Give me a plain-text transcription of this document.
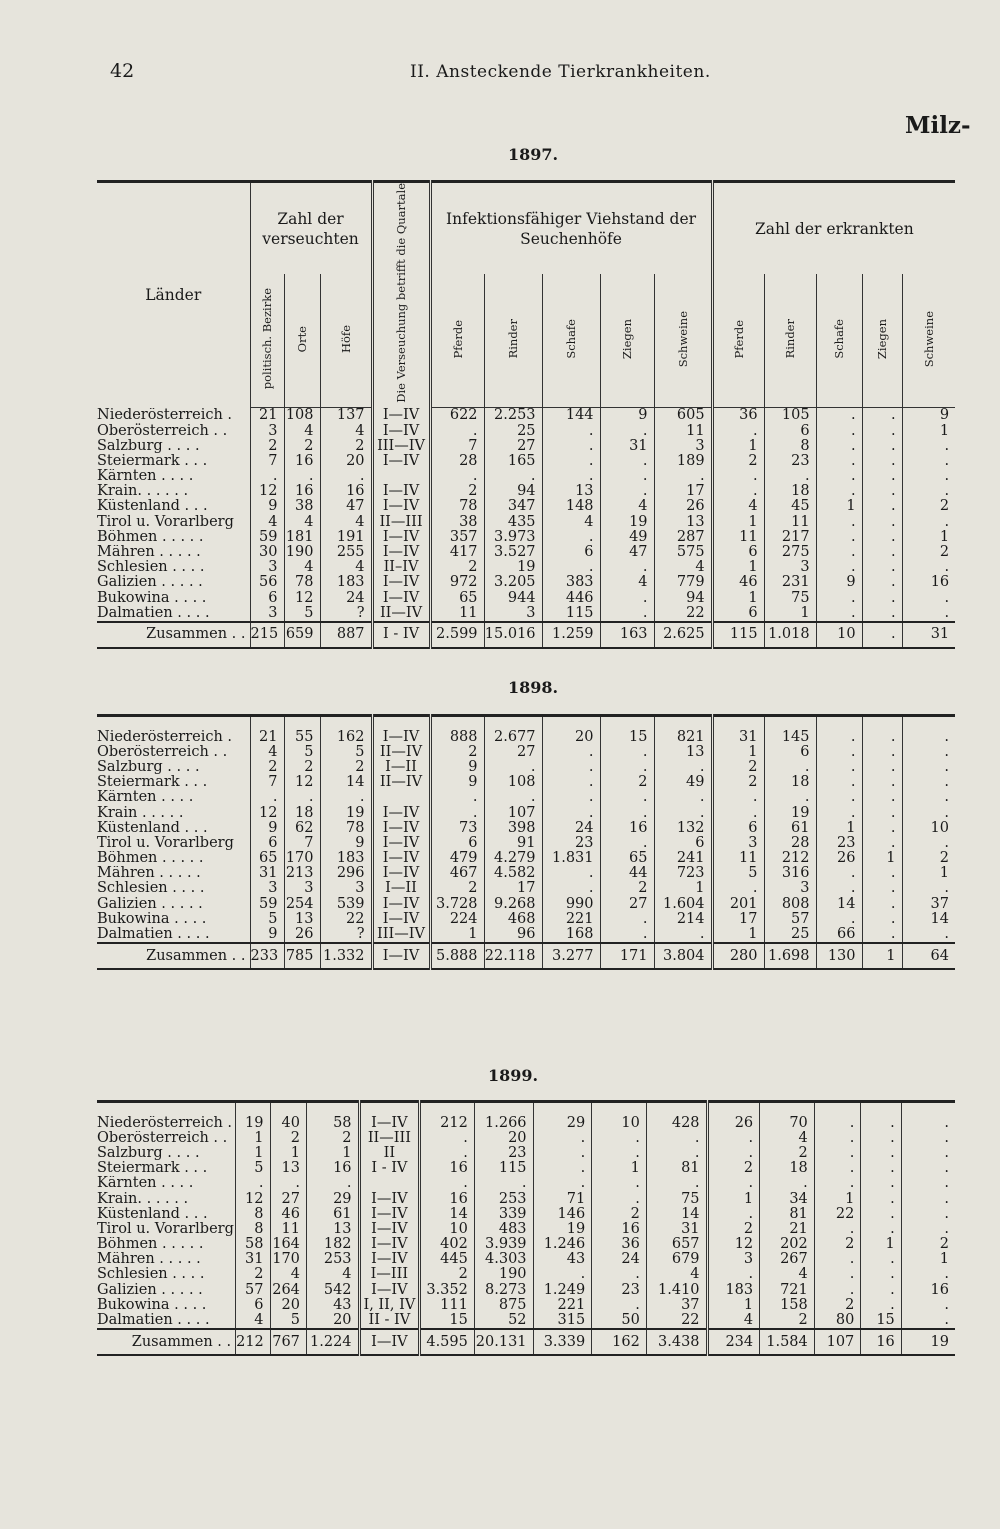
42	II. Ansteckende Tierkrankheiten.
Milz-
1897.
Länder	Zahl der verseuchten			Die Verseuchung betrifft die Quartale	Infektionsfähiger Viehstand der Seuchenhöfe					Zahl der erkrankten				
	politisch. Bezirke	Orte	Höfe		Pferde	Rinder	Schafe	Ziegen	Schweine	Pferde	Rinder	Schafe	Ziegen	Schweine
Niederösterreich .	21	108	137	I—IV	622	2.253	144	9	605	36	105	.	.	9
Oberösterreich . .	3	4	4	I—IV	.	25	.	.	11	.	6	.	.	1
Salzburg . . . .	2	2	2	III—IV	7	27	.	31	3	1	8	.	.	.
Steiermark . . .	7	16	20	I—IV	28	165	.	.	189	2	23	.	.	.
Kärnten . . . .	.	.	.		.	.	.	.	.	.	.	.	.	.
Krain. . . . . .	12	16	16	I—IV	2	94	13	.	17	.	18	.	.	.
Küstenland . . .	9	38	47	I—IV	78	347	148	4	26	4	45	1	.	2
Tirol u. Vorarlberg	4	4	4	II—III	38	435	4	19	13	1	11	.	.	.
Böhmen . . . . .	59	181	191	I—IV	357	3.973	.	49	287	11	217	.	.	1
Mähren . . . . .	30	190	255	I—IV	417	3.527	6	47	575	6	275	.	.	2
Schlesien . . . .	3	4	4	II–IV	2	19	.	.	4	1	3	.	.	.
Galizien . . . . .	56	78	183	I—IV	972	3.205	383	4	779	46	231	9	.	16
Bukowina . . . .	6	12	24	I—IV	65	944	446	.	94	1	75	.	.	.
Dalmatien . . . .	3	5	?	II—IV	11	3	115	.	22	6	1	.	.	.
Zusammen . .	215	659	887	I - IV	2.599	15.016	1.259	163	2.625	115	1.018	10	.	31
1898.

Niederösterreich .	21	55	162	I—IV	888	2.677	20	15	821	31	145	.	.	.
Oberösterreich . .	4	5	5	II—IV	2	27	.	.	13	1	6	.	.	.
Salzburg . . . .	2	2	2	I—II	9	.	.	.	.	2	.	.	.	.
Steiermark . . .	7	12	14	II—IV	9	108	.	2	49	2	18	.	.	.
Kärnten . . . .	.	.	.		.	.	.	.	.	.	.	.	.	.
Krain . . . . .	12	18	19	I—IV	.	107	.	.	.	.	19	.	.	.
Küstenland . . .	9	62	78	I—IV	73	398	24	16	132	6	61	1	.	10
Tirol u. Vorarlberg	6	7	9	I—IV	6	91	23	.	6	3	28	23	.	.
Böhmen . . . . .	65	170	183	I—IV	479	4.279	1.831	65	241	11	212	26	1	2
Mähren . . . . .	31	213	296	I—IV	467	4.582	.	44	723	5	316	.	.	1
Schlesien . . . .	3	3	3	I—II	2	17	.	2	1	.	3	.	.	.
Galizien . . . . .	59	254	539	I—IV	3.728	9.268	990	27	1.604	201	808	14	.	37
Bukowina . . . .	5	13	22	I—IV	224	468	221	.	214	17	57	.	.	14
Dalmatien . . . .	9	26	?	III—IV	1	96	168	.	.	1	25	66	.	.
Zusammen . .	233	785	1.332	I—IV	5.888	22.118	3.277	171	3.804	280	1.698	130	1	64
1899.

Niederösterreich .	19	40	58	I—IV	212	1.266	29	10	428	26	70	.	.	.
Oberösterreich . .	1	2	2	II—III	.	20	.	.	.	.	4	.	.	.
Salzburg . . . .	1	1	1	II	.	23	.	.	.	.	2	.	.	.
Steiermark . . .	5	13	16	I - IV	16	115	.	1	81	2	18	.	.	.
Kärnten . . . .	.	.	.		.	.	.	.	.	.	.	.	.	.
Krain. . . . . .	12	27	29	I—IV	16	253	71	.	75	1	34	1	.	.
Küstenland . . .	8	46	61	I—IV	14	339	146	2	14	.	81	22	.	.
Tirol u. Vorarlberg	8	11	13	I—IV	10	483	19	16	31	2	21	.	.	.
Böhmen . . . . .	58	164	182	I—IV	402	3.939	1.246	36	657	12	202	2	1	2
Mähren . . . . .	31	170	253	I—IV	445	4.303	43	24	679	3	267	.	.	1
Schlesien . . . .	2	4	4	I—III	2	190	.	.	4	.	4	.	.	.
Galizien . . . . .	57	264	542	I—IV	3.352	8.273	1.249	23	1.410	183	721	.	.	16
Bukowina . . . .	6	20	43	I, II, IV	111	875	221	.	37	1	158	2	.	.
Dalmatien . . . .	4	5	20	II - IV	15	52	315	50	22	4	2	80	15	.
Zusammen . .	212	767	1.224	I—IV	4.595	20.131	3.339	162	3.438	234	1.584	107	16	19
